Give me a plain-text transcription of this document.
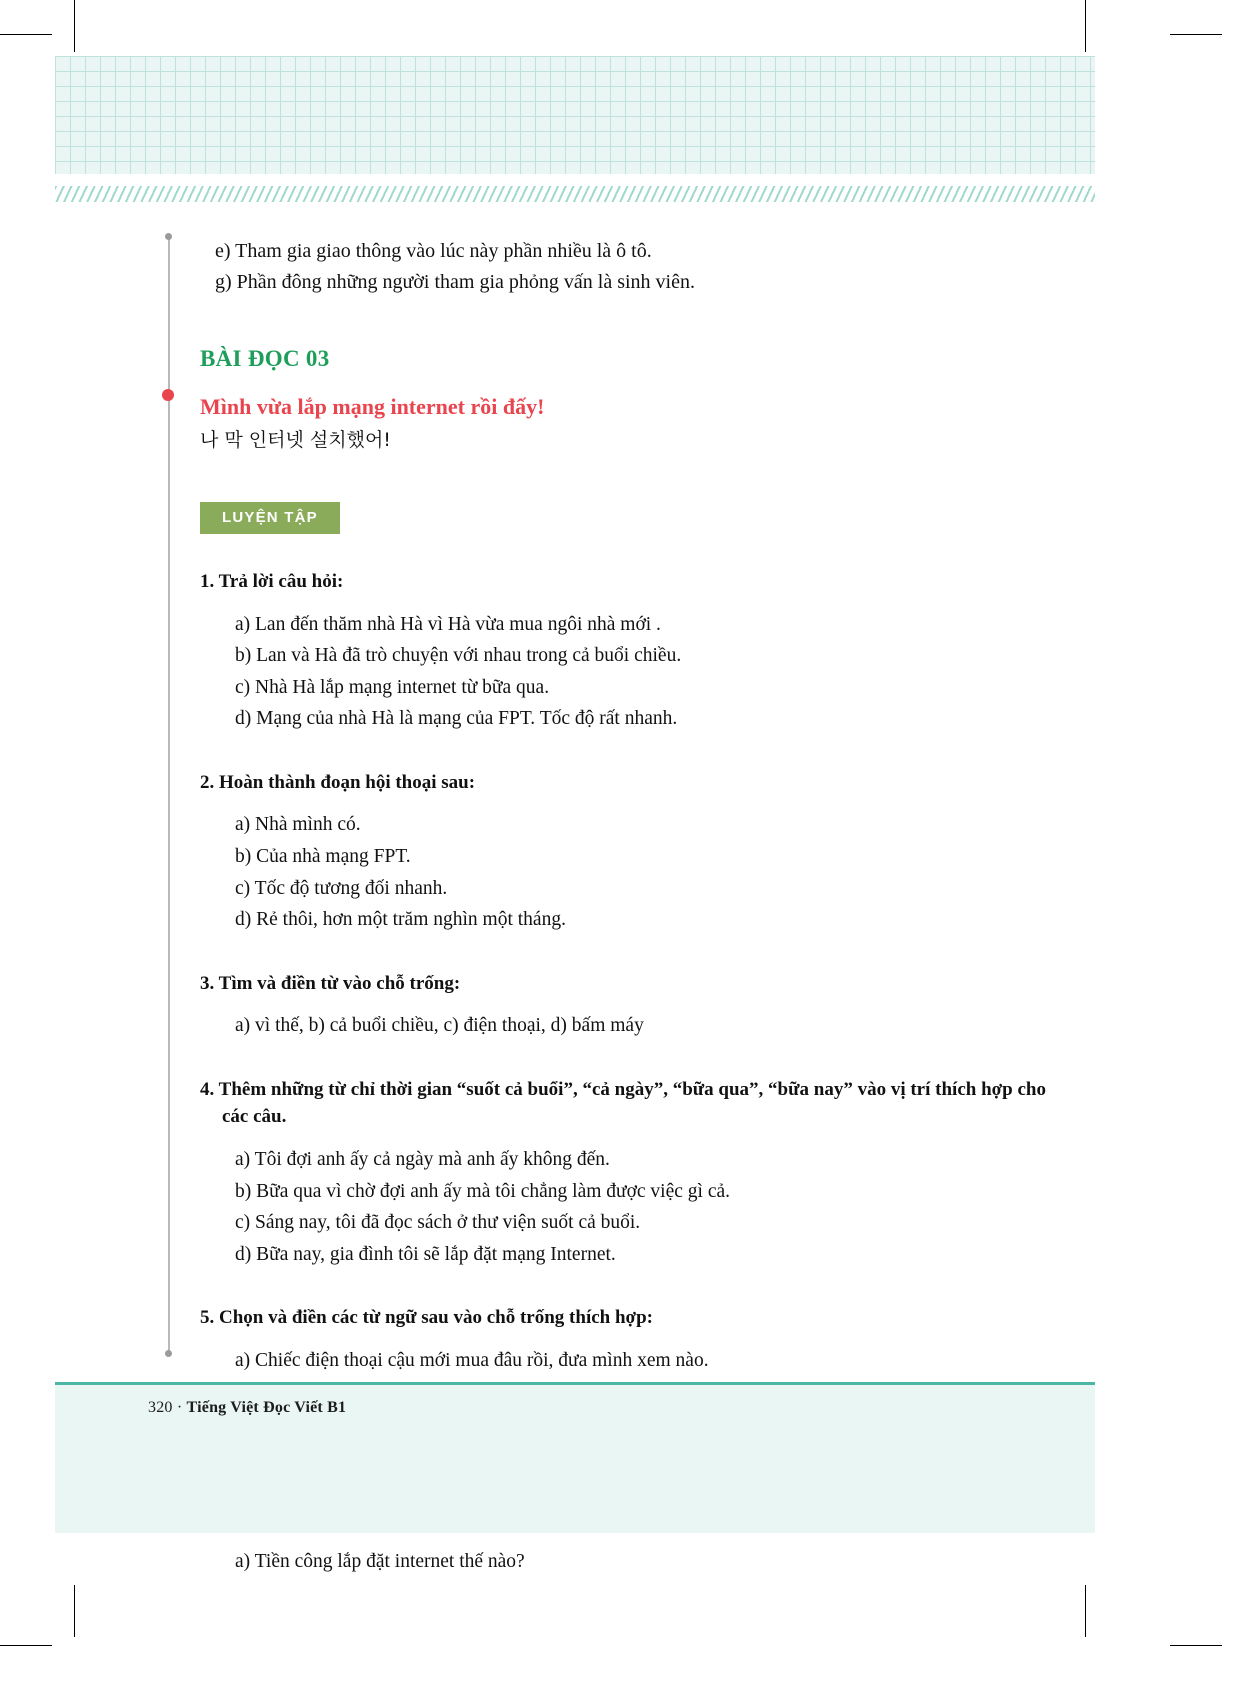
e) Tham gia giao thông vào lúc này phần nhiều là ô tô.
g) Phần đông những người tham gia phỏng vấn là sinh viên.
BÀI ĐỌC 03
Mình vừa lắp mạng internet rồi đấy!
나 막 인터넷 설치했어!
LUYỆN TẬP
1. Trả lời câu hỏi:
a) Lan đến thăm nhà Hà vì Hà vừa mua ngôi nhà mới .
b) Lan và Hà đã trò chuyện với nhau trong cả buổi chiều.
c) Nhà Hà lắp mạng internet từ bữa qua.
d) Mạng của nhà Hà là mạng của FPT. Tốc độ rất nhanh.
2. Hoàn thành đoạn hội thoại sau:
a) Nhà mình có.
b) Của nhà mạng FPT.
c) Tốc độ tương đối nhanh.
d) Rẻ thôi, hơn một trăm nghìn một tháng.
3. Tìm và điền từ vào chỗ trống:
a) vì thế, b) cả buổi chiều, c) điện thoại, d) bấm máy
4. Thêm những từ chỉ thời gian “suốt cả buổi”, “cả ngày”, “bữa qua”, “bữa nay” vào vị trí thích hợp cho các câu.
a) Tôi đợi anh ấy cả ngày mà anh ấy không đến.
b) Bữa qua vì chờ đợi anh ấy mà tôi chẳng làm được việc gì cả.
c) Sáng nay, tôi đã đọc sách ở thư viện suốt cả buổi.
d) Bữa nay, gia đình tôi sẽ lắp đặt mạng Internet.
5. Chọn và điền các từ ngữ sau vào chỗ trống thích hợp:
a) Chiếc điện thoại cậu mới mua đâu rồi, đưa mình xem nào.
a) Tiền công lắp đặt internet thế nào?
320 · Tiếng Việt Đọc Viết B1
